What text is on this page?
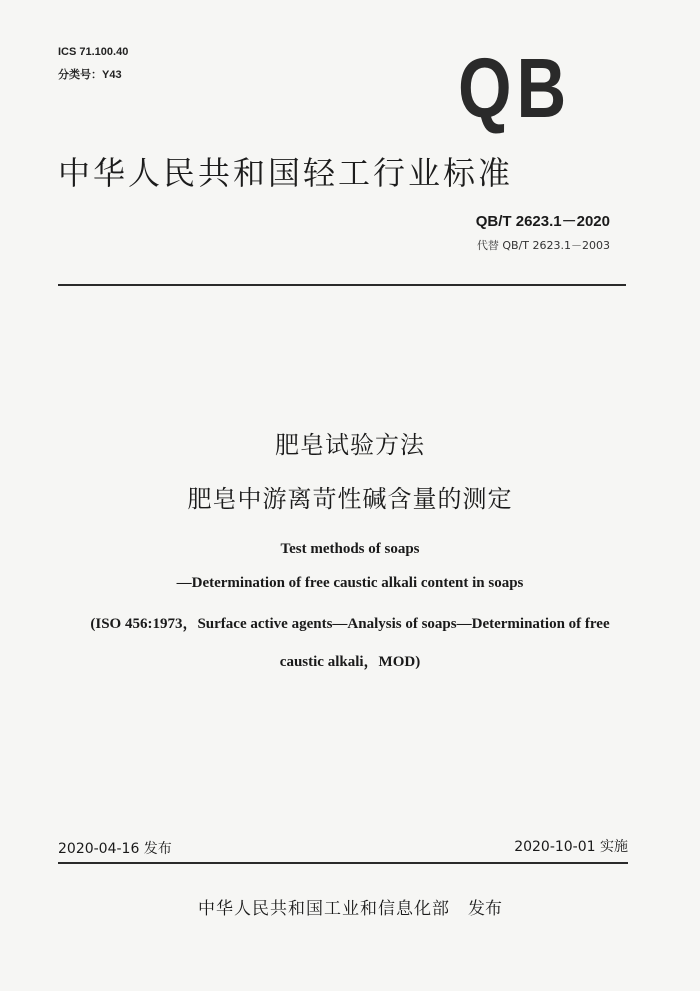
ICS 71.100.40
分类号：Y43	QB
中华人民共和国轻工行业标准
QB/T 2623.1－2020
代替 QB/T 2623.1－2003
肥皂试验方法
肥皂中游离苛性碱含量的测定
Test methods of soaps
—Determination of free caustic alkali content in soaps
(ISO 456:1973，Surface active agents—Analysis of soaps—Determination of free
caustic alkali，MOD)
2020-04-16 发布	2020-10-01 实施
中华人民共和国工业和信息化部 发布
